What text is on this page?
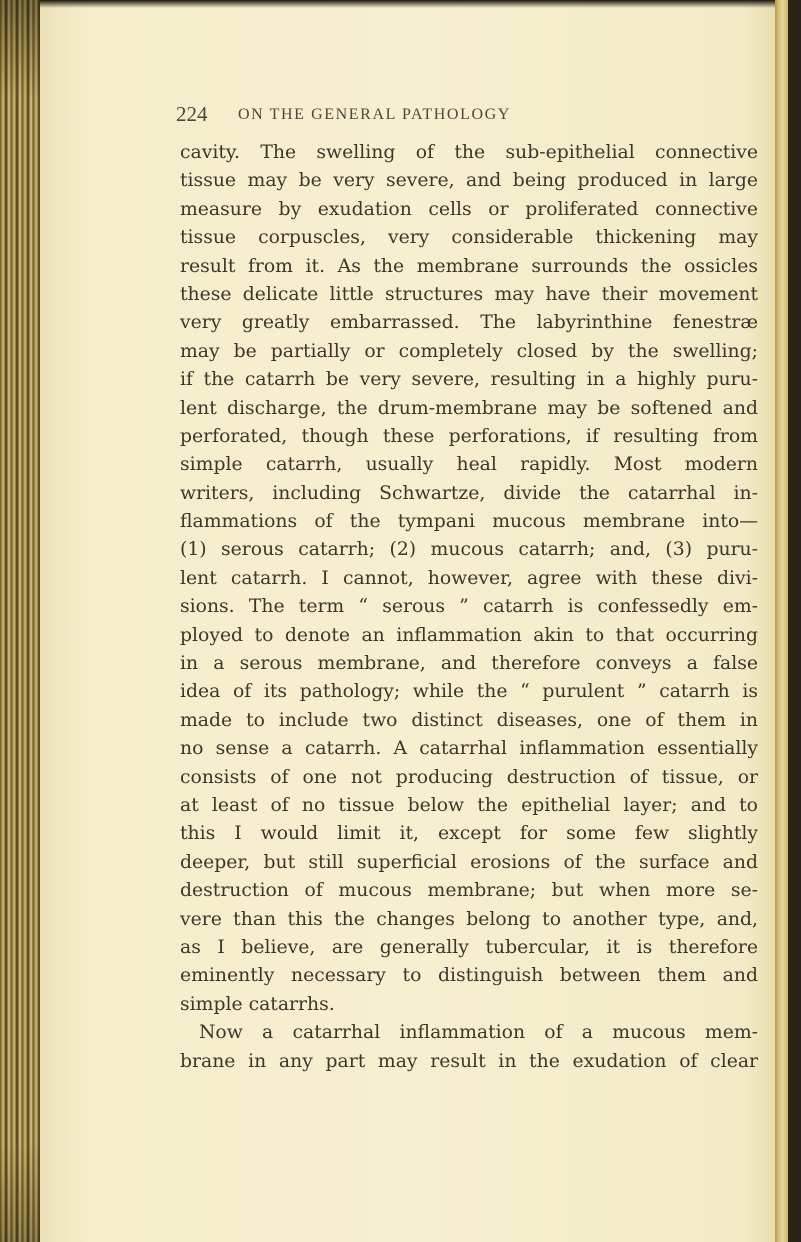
224 ON THE GENERAL PATHOLOGY
cavity. The swelling of the sub-epithelial connective
tissue may be very severe, and being produced in large
measure by exudation cells or proliferated connective
tissue corpuscles, very considerable thickening may
result from it. As the membrane surrounds the ossicles
these delicate little structures may have their movement
very greatly embarrassed. The labyrinthine fenestræ
may be partially or completely closed by the swelling;
if the catarrh be very severe, resulting in a highly puru-
lent discharge, the drum-membrane may be softened and
perforated, though these perforations, if resulting from
simple catarrh, usually heal rapidly. Most modern
writers, including Schwartze, divide the catarrhal in-
flammations of the tympani mucous membrane into—
(1) serous catarrh; (2) mucous catarrh; and, (3) puru-
lent catarrh. I cannot, however, agree with these divi-
sions. The term “ serous ” catarrh is confessedly em-
ployed to denote an inflammation akin to that occurring
in a serous membrane, and therefore conveys a false
idea of its pathology; while the “ purulent ” catarrh is
made to include two distinct diseases, one of them in
no sense a catarrh. A catarrhal inflammation essentially
consists of one not producing destruction of tissue, or
at least of no tissue below the epithelial layer; and to
this I would limit it, except for some few slightly
deeper, but still superficial erosions of the surface and
destruction of mucous membrane; but when more se-
vere than this the changes belong to another type, and,
as I believe, are generally tubercular, it is therefore
eminently necessary to distinguish between them and
simple catarrhs.
Now a catarrhal inflammation of a mucous mem-
brane in any part may result in the exudation of clear
